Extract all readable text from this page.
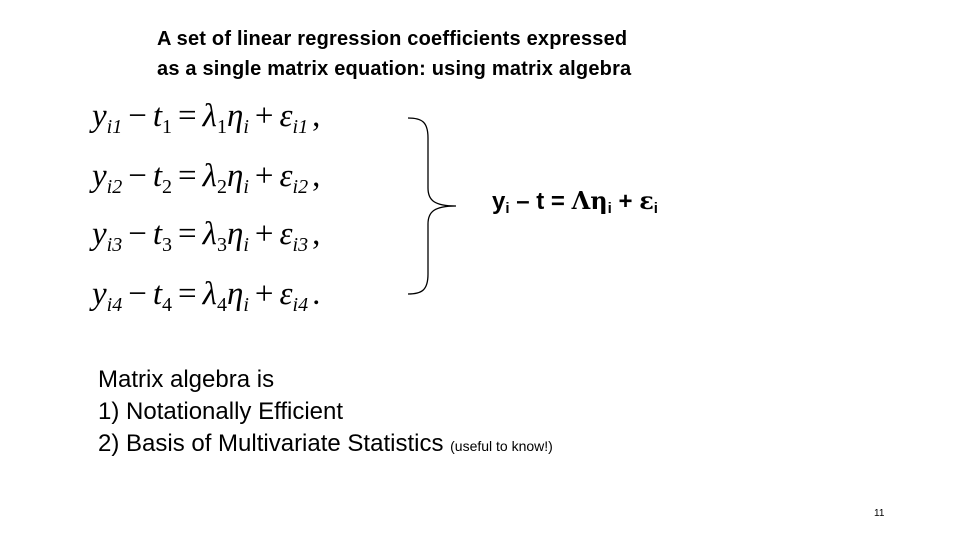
A set of linear regression coefficients expressed
as a single matrix equation: using matrix algebra
$y_{i1} - t_1 = \lambda_1\eta_i + \varepsilon_{i1}$ ,
$y_{i2} - t_2 = \lambda_2\eta_i + \varepsilon_{i2}$ ,
$y_{i3} - t_3 = \lambda_3\eta_i + \varepsilon_{i3}$ ,
$y_{i4} - t_4 = \lambda_4\eta_i + \varepsilon_{i4}$ .
$y_i - t = \Lambda\eta_i + \varepsilon_i$
Matrix algebra is
1) Notationally Efficient
2) Basis of Multivariate Statistics (useful to know!)
11
